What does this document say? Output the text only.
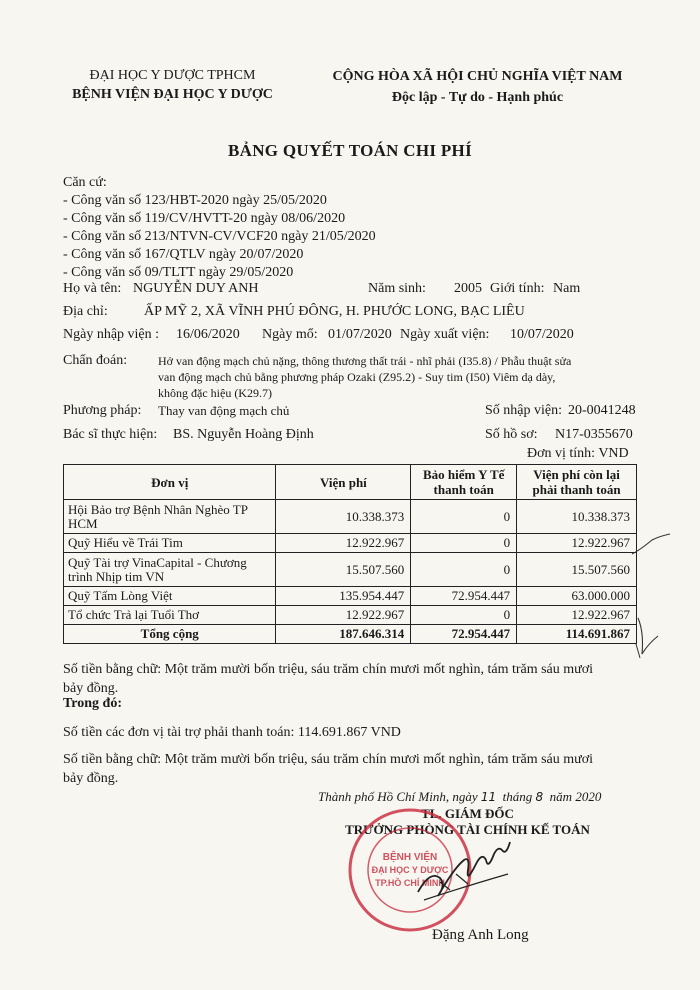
ĐẠI HỌC Y DƯỢC TPHCM
BỆNH VIỆN ĐẠI HỌC Y DƯỢC
CỘNG HÒA XÃ HỘI CHỦ NGHĨA VIỆT NAM
Độc lập - Tự do - Hạnh phúc
BẢNG QUYẾT TOÁN CHI PHÍ
Căn cứ:
- Công văn số 123/HBT-2020 ngày 25/05/2020
- Công văn số 119/CV/HVTT-20 ngày 08/06/2020
- Công văn số 213/NTVN-CV/VCF20 ngày 21/05/2020
- Công văn số 167/QTLV ngày 20/07/2020
- Công văn số 09/TLTT ngày 29/05/2020
Họ và tên: NGUYỄN DUY ANH	Năm sinh: 2005 Giới tính: Nam
Địa chỉ:	ẤP MỸ 2, XÃ VĨNH PHÚ ĐÔNG, H. PHƯỚC LONG, BẠC LIÊU
Ngày nhập viện : 16/06/2020 Ngày mổ: 01/07/2020 Ngày xuất viện: 10/07/2020
Chẩn đoán:	Hở van động mạch chủ nặng, thông thương thất trái - nhĩ phải (I35.8) / Phẫu thuật sửa
van động mạch chủ bằng phương pháp Ozaki (Z95.2) - Suy tim (I50) Viêm dạ dày,
không đặc hiệu (K29.7)
Phương pháp: Thay van động mạch chủ	Số nhập viện: 20-0041248
Bác sĩ thực hiện: BS. Nguyễn Hoàng Định	Số hồ sơ: N17-0355670
Đơn vị tính: VND
Đơn vị	Viện phí	Bảo hiểm Y Tế thanh toán	Viện phí còn lại phải thanh toán
Hội Bảo trợ Bệnh Nhân Nghèo TP HCM	10.338.373	0	10.338.373
Quỹ Hiểu về Trái Tim	12.922.967	0	12.922.967
Quỹ Tài trợ VinaCapital - Chương trình Nhịp tim VN	15.507.560	0	15.507.560
Quỹ Tấm Lòng Việt	135.954.447	72.954.447	63.000.000
Tổ chức Trả lại Tuổi Thơ	12.922.967	0	12.922.967
Tổng cộng	187.646.314	72.954.447	114.691.867
Số tiền bằng chữ: Một trăm mười bốn triệu, sáu trăm chín mươi mốt nghìn, tám trăm sáu mươi
bảy đồng.
Trong đó:
Số tiền các đơn vị tài trợ phải thanh toán: 114.691.867 VND
Số tiền bằng chữ: Một trăm mười bốn triệu, sáu trăm chín mươi mốt nghìn, tám trăm sáu mươi
bảy đồng.
Thành phố Hồ Chí Minh, ngày 11 tháng 8 năm 2020
TL. GIÁM ĐỐC
TRƯỞNG PHÒNG TÀI CHÍNH KẾ TOÁN
BỆNH VIỆN
ĐẠI HỌC Y DƯỢC
TP.HỒ CHÍ MINH
Đặng Anh Long
